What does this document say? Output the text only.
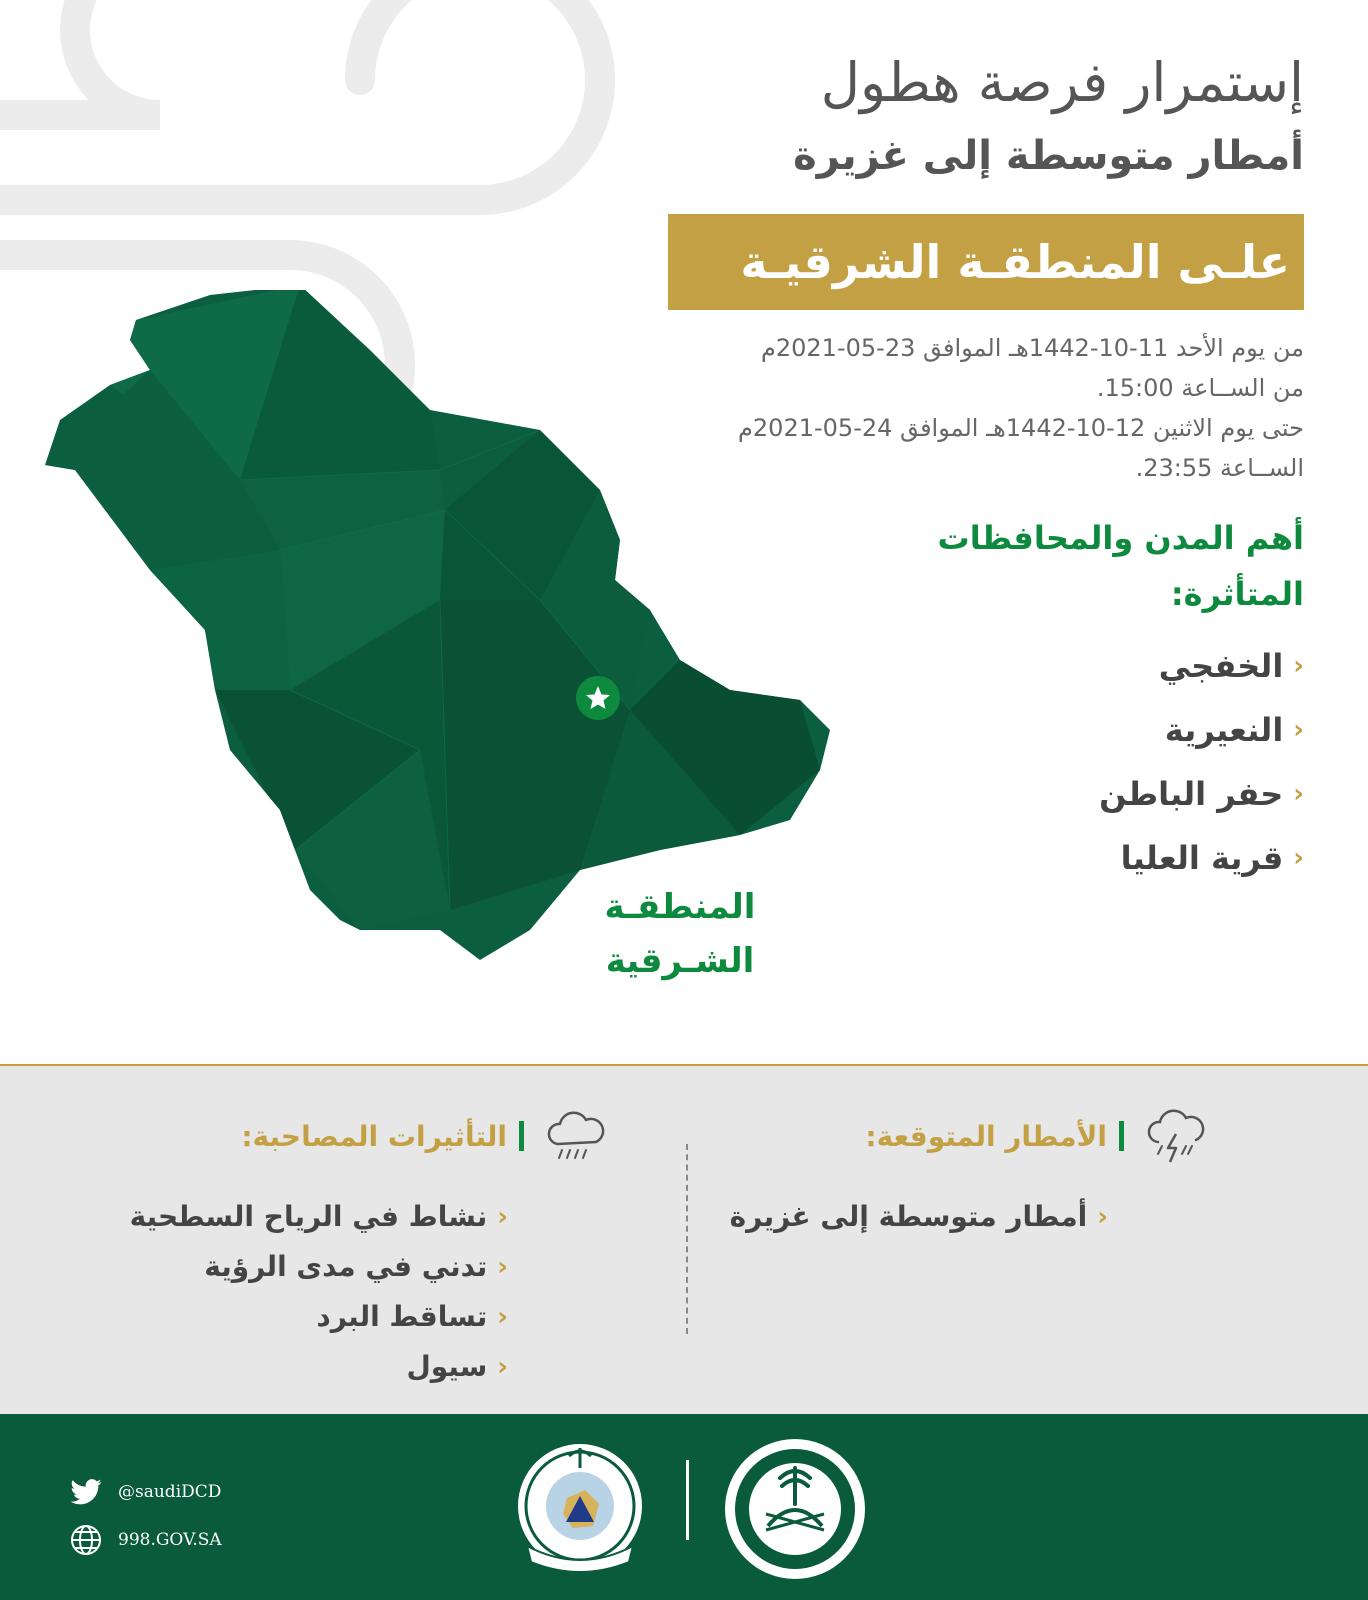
المنطقـة
الشـرقية
إستمرار فرصة هطول
أمطار متوسطة إلى غزيرة
علـى المنطقـة الشرقيـة
من يوم الأحد 11-10-1442هـ الموافق 23-05-2021م
من الســاعة 15:00.
حتى يوم الاثنين 12-10-1442هـ الموافق 24-05-2021م
الســاعة 23:55.
أهم المدن والمحافظات
المتأثرة:
‹
الخفجي
‹
النعيرية
‹
حفر الباطن
‹
قرية العليا
الأمطار المتوقعة:
‹
أمطار متوسطة إلى غزيرة
التأثيرات المصاحبة:
‹
نشاط في الرياح السطحية
‹
تدني في مدى الرؤية
‹
تساقط البرد
‹
سيول
@saudiDCD
998.GOV.SA
